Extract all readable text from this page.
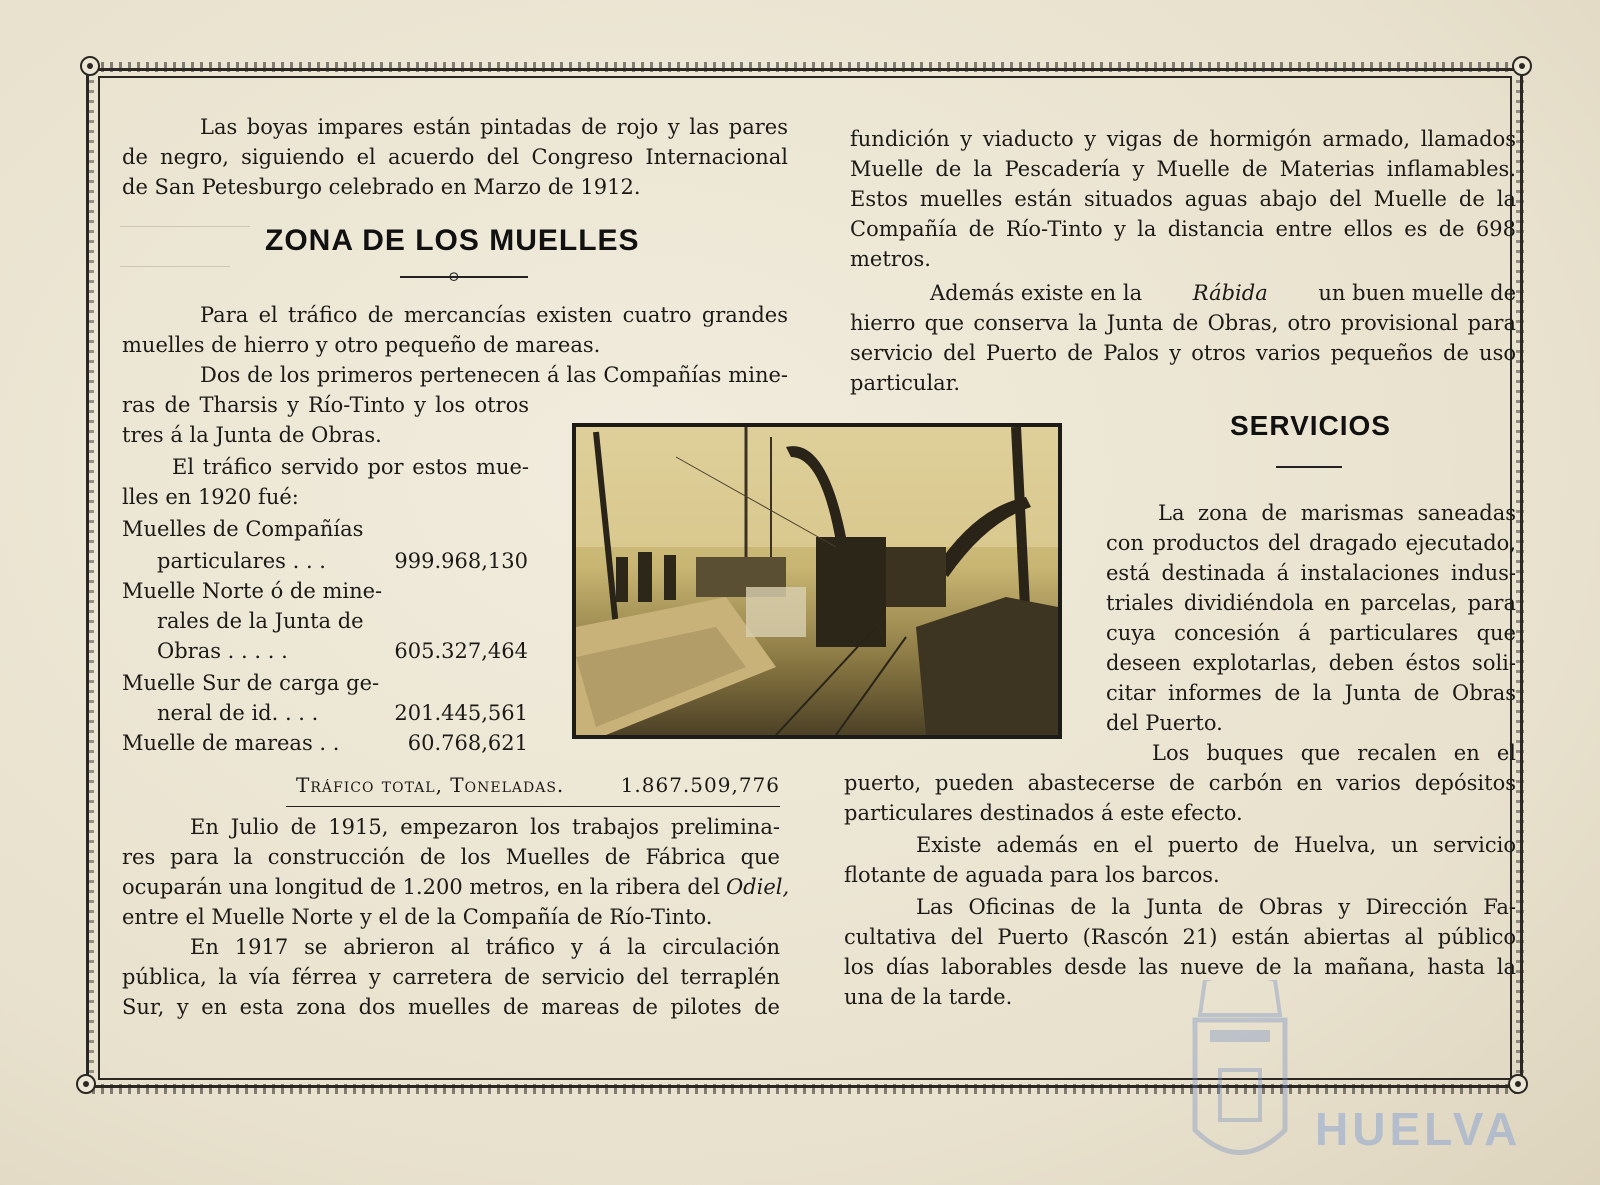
Las boyas impares están pintadas de rojo y las pares

de negro, siguiendo el acuerdo del Congreso Internacional

de San Petesburgo celebrado en Marzo de 1912.

ZONA DE LOS MUELLES
⊙

Para el tráfico de mercancías existen cuatro grandes

muelles de hierro y otro pequeño de mareas.

Dos de los primeros pertenecen á las Compañías mine-

ras de Tharsis y Río-Tinto y los otros

tres á la Junta de Obras.

El tráfico servido por estos mue-

lles en 1920 fué:

Muelles de Compañías
particulares . . .	999.968,130
Muelle Norte ó de mine-
rales de la Junta de
Obras . . . . .	605.327,464
Muelle Sur de carga ge-
neral de id. . . .	201.445,561
Muelle de mareas . .	60.768,621
Tráfico total, Toneladas.	1.867.509,776

En Julio de 1915, empezaron los trabajos prelimina-

res para la construcción de los Muelles de Fábrica que

ocuparán una longitud de 1.200 metros, en la ribera del Odiel,

entre el Muelle Norte y el de la Compañía de Río-Tinto.

En 1917 se abrieron al tráfico y á la circulación

pública, la vía férrea y carretera de servicio del terraplén

Sur, y en esta zona dos muelles de mareas de pilotes de

fundición y viaducto y vigas de hormigón armado, llamados

Muelle de la Pescadería y Muelle de Materias inflamables.

Estos muelles están situados aguas abajo del Muelle de la

Compañía de Río-Tinto y la distancia entre ellos es de 698

metros.

Además existe en la Rábida un buen muelle de

hierro que conserva la Junta de Obras, otro provisional para

servicio del Puerto de Palos y otros varios pequeños de uso

particular.

SERVICIOS

La zona de marismas saneadas

con productos del dragado ejecutado,

está destinada á instalaciones indus-

triales dividiéndola en parcelas, para

cuya concesión á particulares que

deseen explotarlas, deben éstos soli-

citar informes de la Junta de Obras

del Puerto.

Los buques que recalen en el

puerto, pueden abastecerse de carbón en varios depósitos

particulares destinados á este efecto.

Existe además en el puerto de Huelva, un servicio

flotante de aguada para los barcos.

Las Oficinas de la Junta de Obras y Dirección Fa-

cultativa del Puerto (Rascón 21) están abiertas al público

los días laborables desde las nueve de la mañana, hasta la

una de la tarde.

HUELVA
